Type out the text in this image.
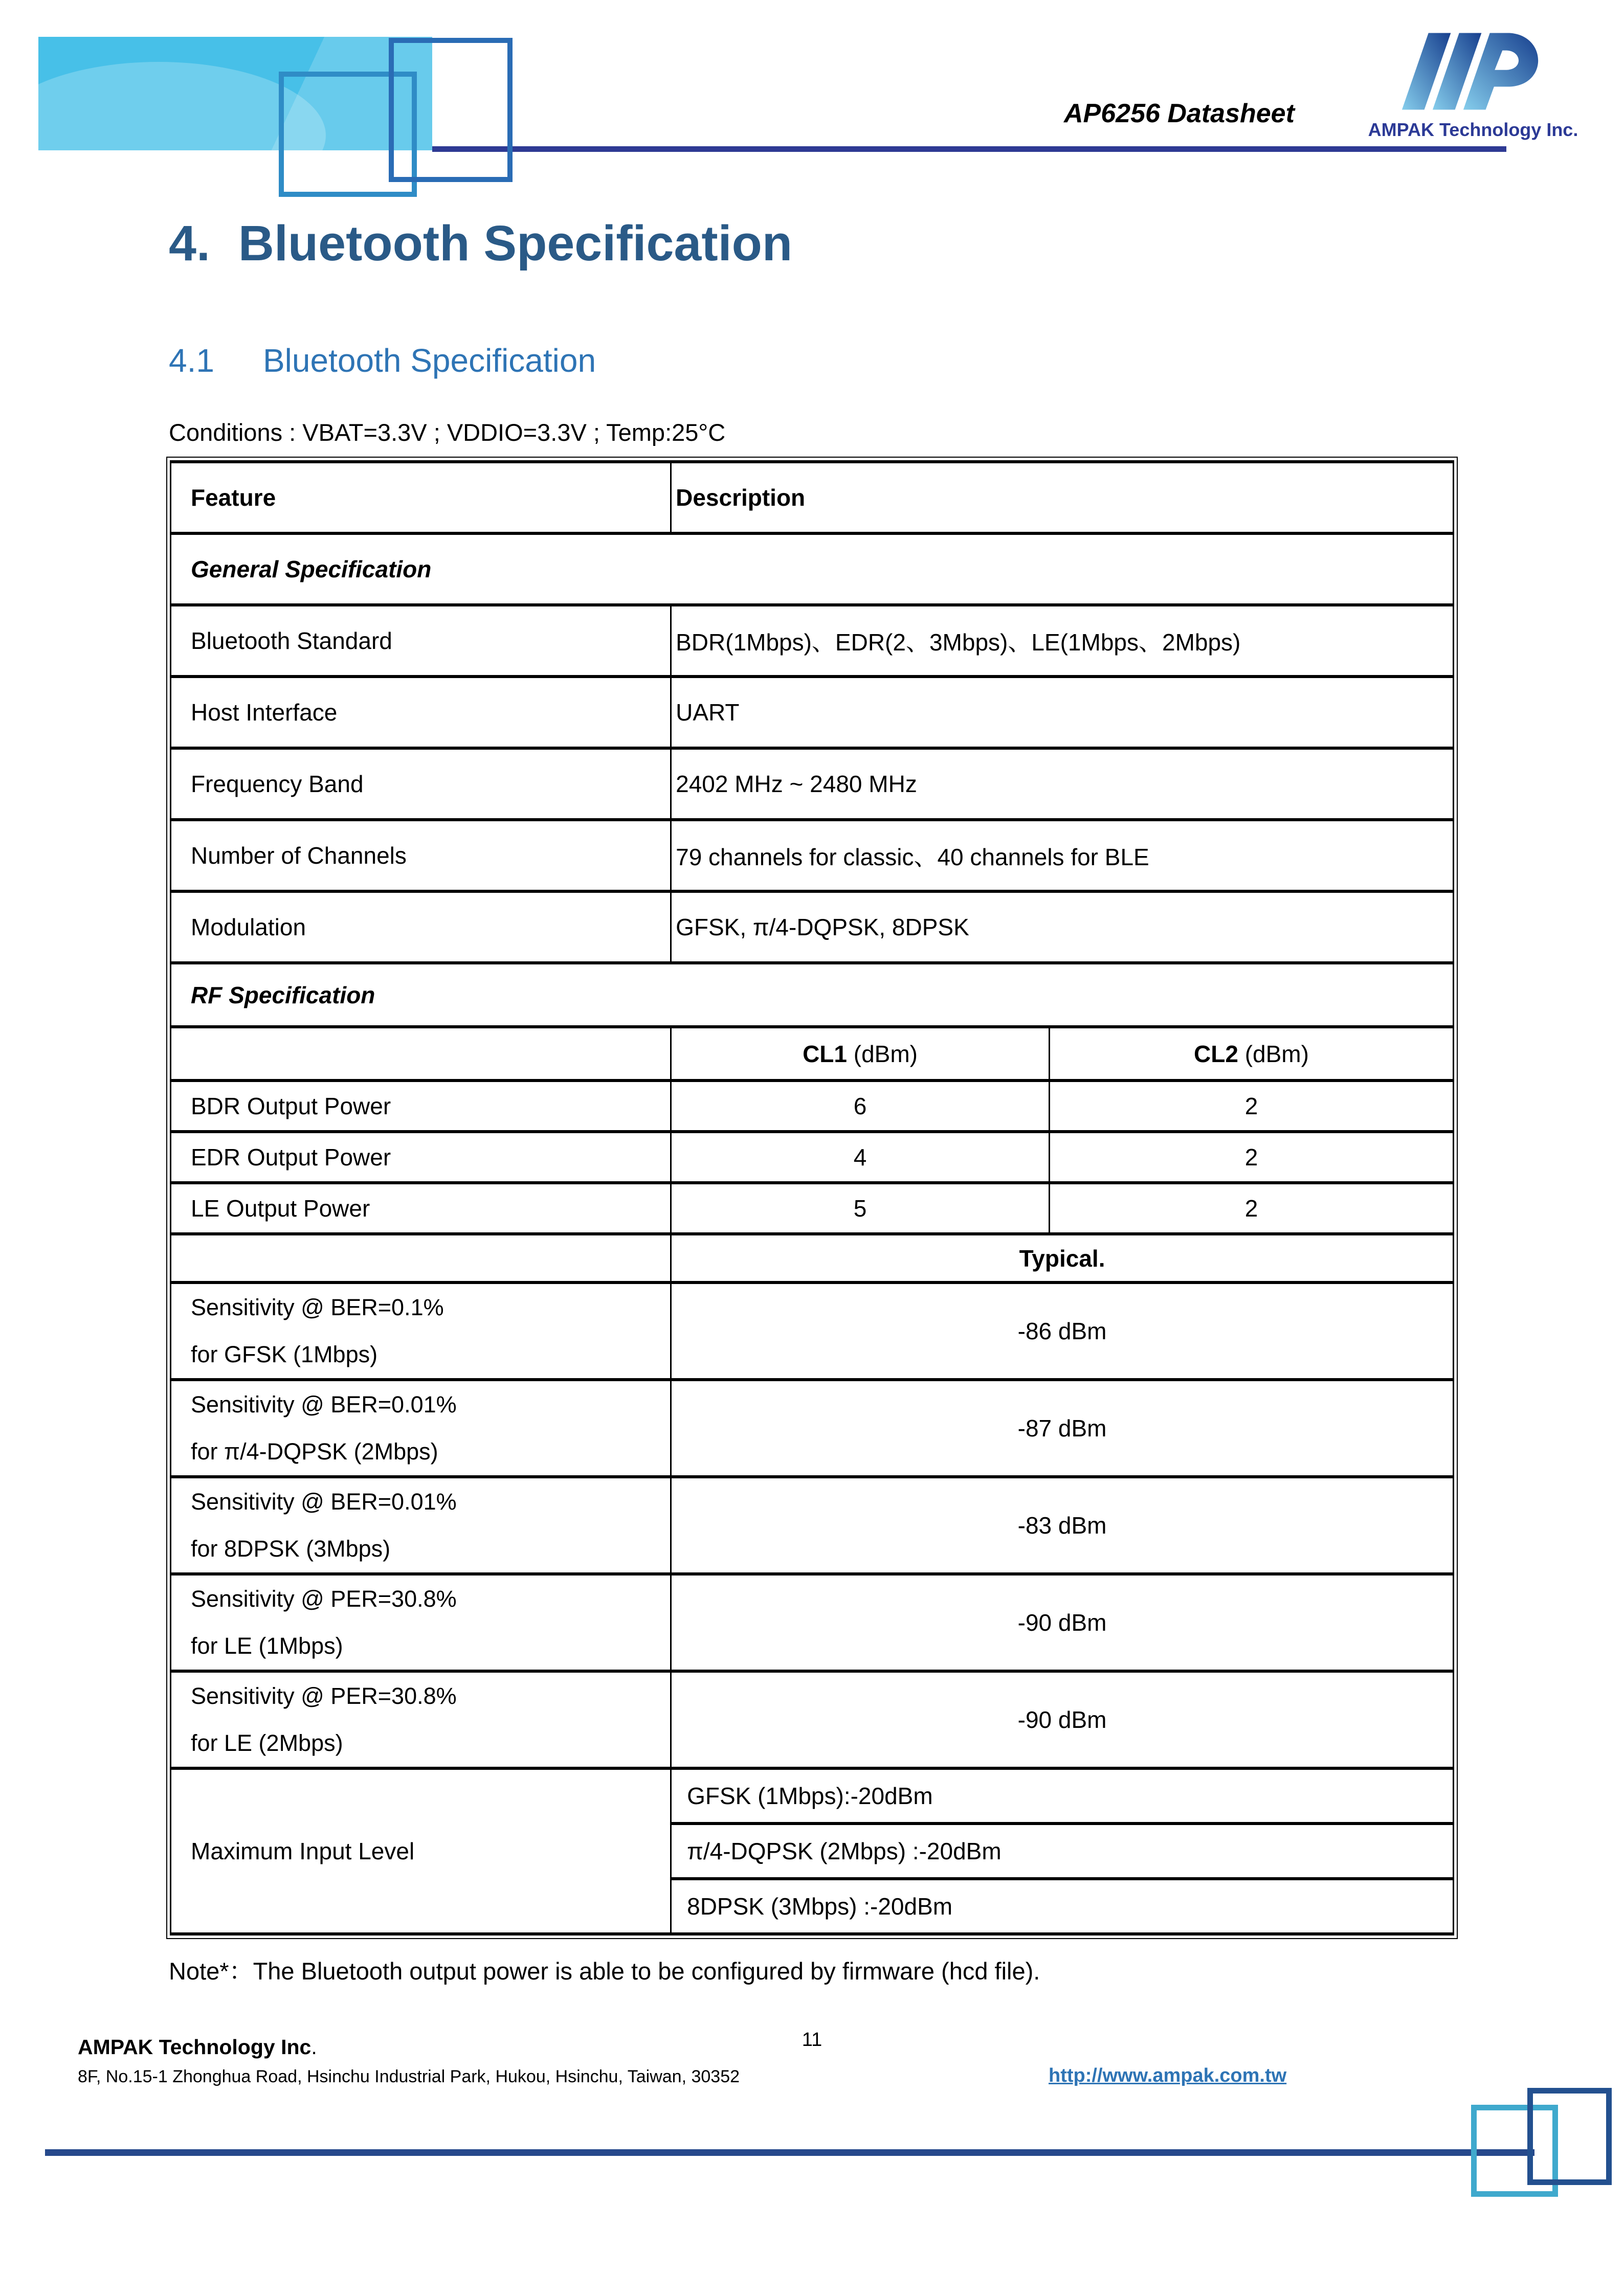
AP6256 Datasheet
AMPAK Technology Inc.
4. Bluetooth Specification
4.1 Bluetooth Specification
Conditions : VBAT=3.3V ; VDDIO=3.3V ; Temp:25°C
Feature	Description	
General Specification		
Bluetooth Standard	BDR(1Mbps)、EDR(2、3Mbps)、LE(1Mbps、2Mbps)	
Host Interface	UART	
Frequency Band	2402 MHz ~ 2480 MHz	
Number of Channels	79 channels for classic、40 channels for BLE	
Modulation	GFSK, π/4-DQPSK, 8DPSK	
RF Specification		
	CL1 (dBm)	CL2 (dBm)
BDR Output Power	6	2
EDR Output Power	4	2
LE Output Power	5	2
	Typical.	

Sensitivity @ BER=0.1%
for GFSK (1Mbps)	-86 dBm	

Sensitivity @ BER=0.01%
for π/4-DQPSK (2Mbps)	-87 dBm	

Sensitivity @ BER=0.01%
for 8DPSK (3Mbps)	-83 dBm	

Sensitivity @ PER=30.8%
for LE (1Mbps)	-90 dBm	

Sensitivity @ PER=30.8%
for LE (2Mbps)	-90 dBm	
Maximum Input Level	GFSK (1Mbps):-20dBm	
	π/4-DQPSK (2Mbps) :-20dBm	
	8DPSK (3Mbps) :-20dBm	
Note*：The Bluetooth output power is able to be configured by firmware (hcd file).
AMPAK Technology Inc.
8F, No.15-1 Zhonghua Road, Hsinchu Industrial Park, Hukou, Hsinchu, Taiwan, 30352
11
http://www.ampak.com.tw
